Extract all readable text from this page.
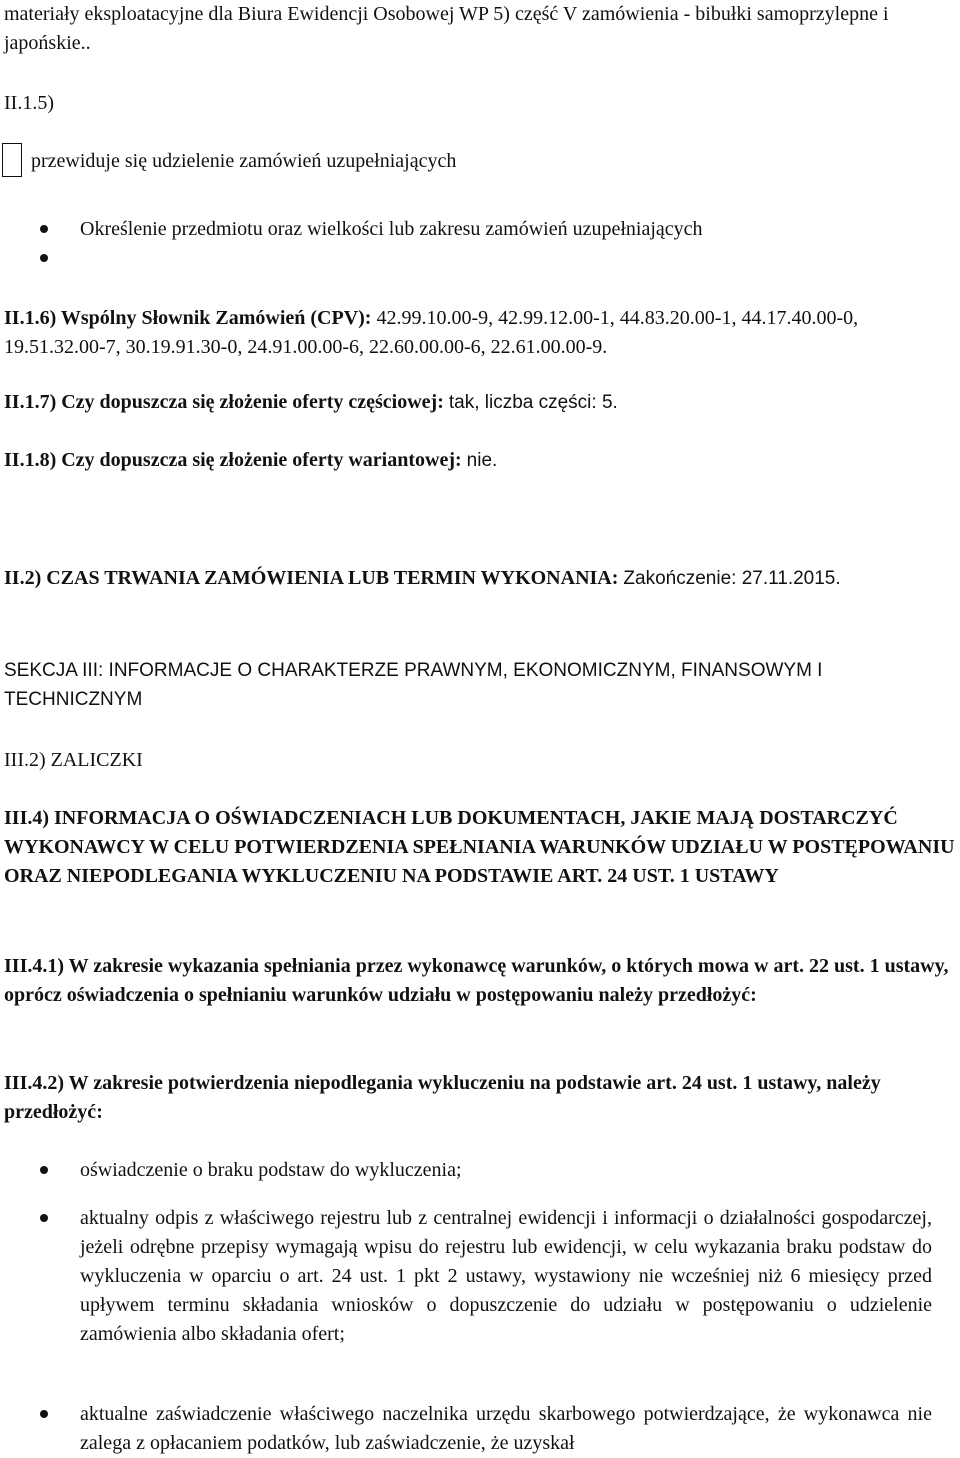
materiały eksploatacyjne dla Biura Ewidencji Osobowej WP 5) część V zamówienia - bibułki samoprzylepne i japońskie..

II.1.5)

przewiduje się udzielenie zamówień uzupełniających

Określenie przedmiotu oraz wielkości lub zakresu zamówień uzupełniających

II.1.6) Wspólny Słownik Zamówień (CPV): 42.99.10.00-9, 42.99.12.00-1, 44.83.20.00-1, 44.17.40.00-0, 19.51.32.00-7, 30.19.91.30-0, 24.91.00.00-6, 22.60.00.00-6, 22.61.00.00-9.

II.1.7) Czy dopuszcza się złożenie oferty częściowej: tak, liczba części: 5.

II.1.8) Czy dopuszcza się złożenie oferty wariantowej: nie.

II.2) CZAS TRWANIA ZAMÓWIENIA LUB TERMIN WYKONANIA: Zakończenie: 27.11.2015.

SEKCJA III: INFORMACJE O CHARAKTERZE PRAWNYM, EKONOMICZNYM, FINANSOWYM I TECHNICZNYM

III.2) ZALICZKI

III.4) INFORMACJA O OŚWIADCZENIACH LUB DOKUMENTACH, JAKIE MAJĄ DOSTARCZYĆ WYKONAWCY W CELU POTWIERDZENIA SPEŁNIANIA WARUNKÓW UDZIAŁU W POSTĘPOWANIU ORAZ NIEPODLEGANIA WYKLUCZENIU NA PODSTAWIE ART. 24 UST. 1 USTAWY

III.4.1) W zakresie wykazania spełniania przez wykonawcę warunków, o których mowa w art. 22 ust. 1 ustawy, oprócz oświadczenia o spełnianiu warunków udziału w postępowaniu należy przedłożyć:

III.4.2) W zakresie potwierdzenia niepodlegania wykluczeniu na podstawie art. 24 ust. 1 ustawy, należy przedłożyć:

oświadczenie o braku podstaw do wykluczenia;

aktualny odpis z właściwego rejestru lub z centralnej ewidencji i informacji o działalności gospodarczej, jeżeli odrębne przepisy wymagają wpisu do rejestru lub ewidencji, w celu wykazania braku podstaw do wykluczenia w oparciu o art. 24 ust. 1 pkt 2 ustawy, wystawiony nie wcześniej niż 6 miesięcy przed upływem terminu składania wniosków o dopuszczenie do udziału w postępowaniu o udzielenie zamówienia albo składania ofert;

aktualne zaświadczenie właściwego naczelnika urzędu skarbowego potwierdzające, że wykonawca nie zalega z opłacaniem podatków, lub zaświadczenie, że uzyskał
